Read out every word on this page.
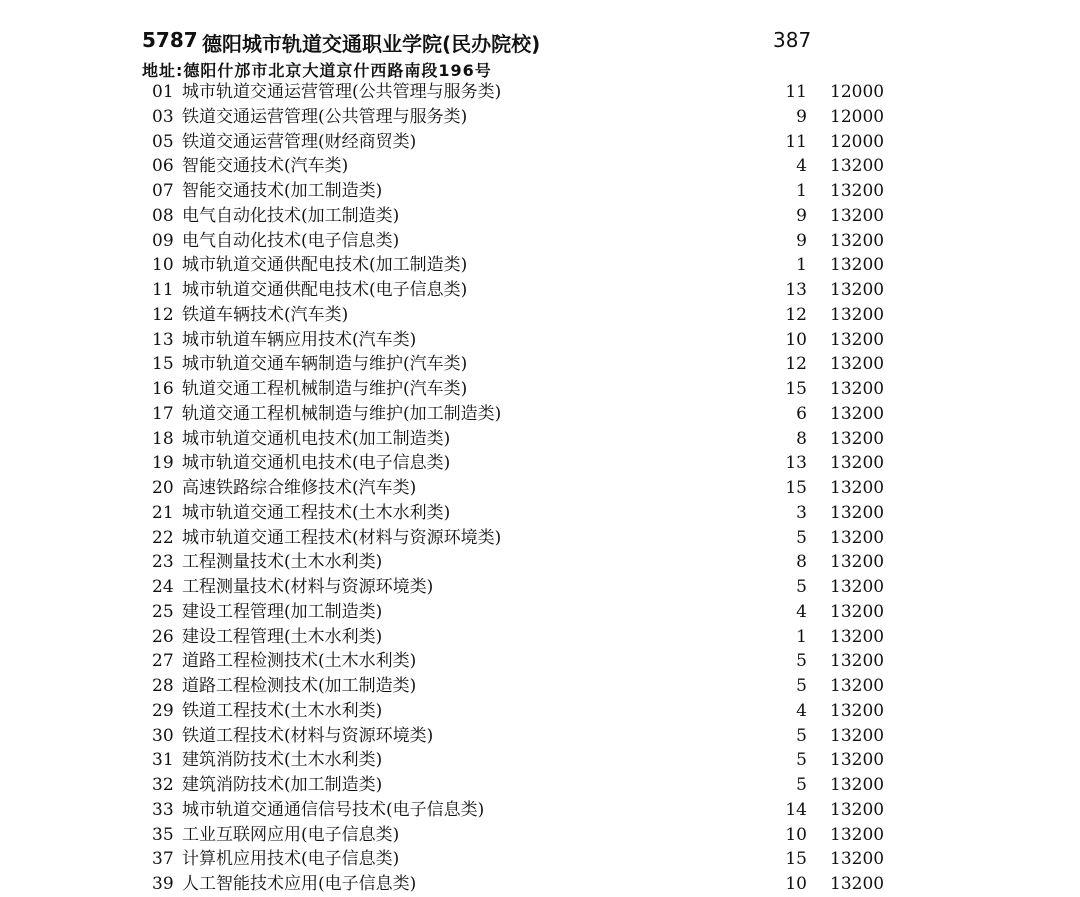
5787 德阳城市轨道交通职业学院(民办院校)	387
地址:德阳什邡市北京大道京什西路南段196号
01 城市轨道交通运营管理(公共管理与服务类)	11 12000
03 铁道交通运营管理(公共管理与服务类)	9 12000
05 铁道交通运营管理(财经商贸类)	11 12000
06 智能交通技术(汽车类)	4 13200
07 智能交通技术(加工制造类)	1 13200
08 电气自动化技术(加工制造类)	9 13200
09 电气自动化技术(电子信息类)	9 13200
10 城市轨道交通供配电技术(加工制造类)	1 13200
11 城市轨道交通供配电技术(电子信息类)	13 13200
12 铁道车辆技术(汽车类)	12 13200
13 城市轨道车辆应用技术(汽车类)	10 13200
15 城市轨道交通车辆制造与维护(汽车类)	12 13200
16 轨道交通工程机械制造与维护(汽车类)	15 13200
17 轨道交通工程机械制造与维护(加工制造类)	6 13200
18 城市轨道交通机电技术(加工制造类)	8 13200
19 城市轨道交通机电技术(电子信息类)	13 13200
20 高速铁路综合维修技术(汽车类)	15 13200
21 城市轨道交通工程技术(土木水利类)	3 13200
22 城市轨道交通工程技术(材料与资源环境类)	5 13200
23 工程测量技术(土木水利类)	8 13200
24 工程测量技术(材料与资源环境类)	5 13200
25 建设工程管理(加工制造类)	4 13200
26 建设工程管理(土木水利类)	1 13200
27 道路工程检测技术(土木水利类)	5 13200
28 道路工程检测技术(加工制造类)	5 13200
29 铁道工程技术(土木水利类)	4 13200
30 铁道工程技术(材料与资源环境类)	5 13200
31 建筑消防技术(土木水利类)	5 13200
32 建筑消防技术(加工制造类)	5 13200
33 城市轨道交通通信信号技术(电子信息类)	14 13200
35 工业互联网应用(电子信息类)	10 13200
37 计算机应用技术(电子信息类)	15 13200
39 人工智能技术应用(电子信息类)	10 13200
